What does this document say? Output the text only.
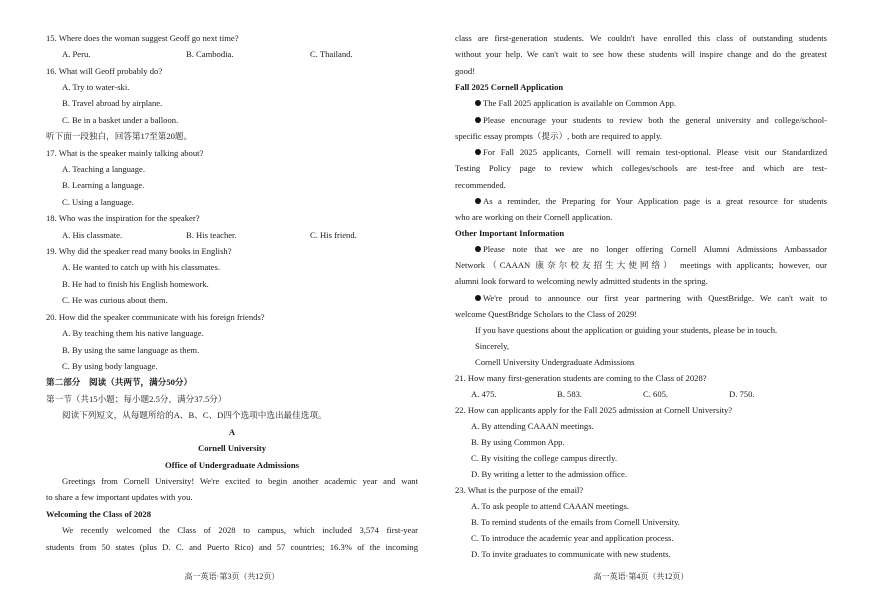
15. Where does the woman suggest Geoff go next time?
A. Peru.	B. Cambodia.	C. Thailand.
16. What will Geoff probably do?
A. Try to water-ski.
B. Travel abroad by airplane.
C. Be in a basket under a balloon.
听下面一段独白，回答第17至第20题。
17. What is the speaker mainly talking about?
A. Teaching a language.
B. Learning a language.
C. Using a language.
18. Who was the inspiration for the speaker?
A. His classmate.	B. His teacher.	C. His friend.
19. Why did the speaker read many books in English?
A. He wanted to catch up with his classmates.
B. He had to finish his English homework.
C. He was curious about them.
20. How did the speaker communicate with his foreign friends?
A. By teaching them his native language.
B. By using the same language as them.
C. By using body language.
第二部分　阅读（共两节，满分50分）
第一节（共15小题；每小题2.5分，满分37.5分）
阅读下列短文，从每题所给的A、B、C、D四个选项中选出最佳选项。
A
Cornell University
Office of Undergraduate Admissions
Greetings from Cornell University! We're excited to begin another academic year and want
to share a few important updates with you.
Welcoming the Class of 2028
We recently welcomed the Class of 2028 to campus, which included 3,574 first-year
students from 50 states (plus D. C. and Puerto Rico) and 57 countries; 16.3% of the incoming
高一英语·第3页（共12页）
class are first-generation students. We couldn't have enrolled this class of outstanding students
without your help. We can't wait to see how these students will inspire change and do the greatest
good!
Fall 2025 Cornell Application
The Fall 2025 application is available on Common App.
Please encourage your students to review both the general university and college/school-
specific essay prompts（提示）, both are required to apply.
For Fall 2025 applicants, Cornell will remain test-optional. Please visit our Standardized
Testing Policy page to review which colleges/schools are test-free and which are test-
recommended.
As a reminder, the Preparing for Your Application page is a great resource for students
who are working on their Cornell application.
Other Important Information
Please note that we are no longer offering Cornell Alumni Admissions Ambassador
Network（CAAAN 康奈尔校友招生大使网络） meetings with applicants; however, our
alumni look forward to welcoming newly admitted students in the spring.
We're proud to announce our first year partnering with QuestBridge. We can't wait to
welcome QuestBridge Scholars to the Class of 2029!
If you have questions about the application or guiding your students, please be in touch.
Sincerely,
Cornell University Undergraduate Admissions
21. How many first-generation students are coming to the Class of 2028?
A. 475.	B. 583.	C. 605.	D. 750.
22. How can applicants apply for the Fall 2025 admission at Cornell University?
A. By attending CAAAN meetings.
B. By using Common App.
C. By visiting the college campus directly.
D. By writing a letter to the admission office.
23. What is the purpose of the email?
A. To ask people to attend CAAAN meetings.
B. To remind students of the emails from Cornell University.
C. To introduce the academic year and application process.
D. To invite graduates to communicate with new students.
高一英语·第4页（共12页）
